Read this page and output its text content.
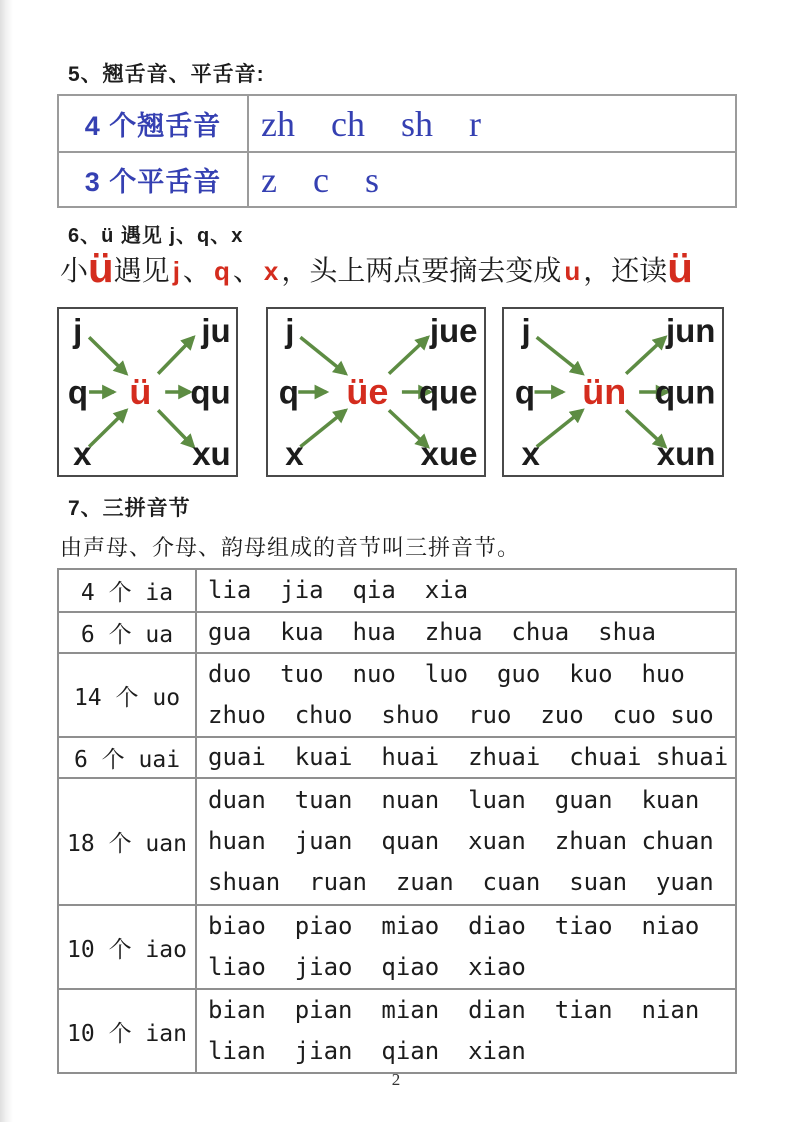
5、翘舌音、平舌音:
4 个翘舌音	zh    ch    sh    r
3 个平舌音	z    c    s
6、ü 遇见 j、q、x
小ü遇见 j 、 q 、 x ，头上两点要摘去变成 u ，还读ü
j
q
x
ü
ju
qu
xu
j
q
x
üe
jue
que
xue
j
q
x
ün
jun
qun
xun
7、三拼音节
由声母、介母、韵母组成的音节叫三拼音节。
4 个 ia	lia  jia  qia  xia
6 个 ua	gua  kua  hua  zhua  chua  shua
14 个 uo
duo  tuo  nuo  luo  guo  kuo  huo
zhuo  chuo  shuo  ruo  zuo  cuo suo
6 个 uai	guai  kuai  huai  zhuai  chuai shuai
18 个 uan
duan  tuan  nuan  luan  guan  kuan
huan  juan  quan  xuan  zhuan chuan
shuan  ruan  zuan  cuan  suan  yuan
10 个 iao
biao  piao  miao  diao  tiao  niao
liao  jiao  qiao  xiao
10 个 ian
bian  pian  mian  dian  tian  nian
lian  jian  qian  xian
2
